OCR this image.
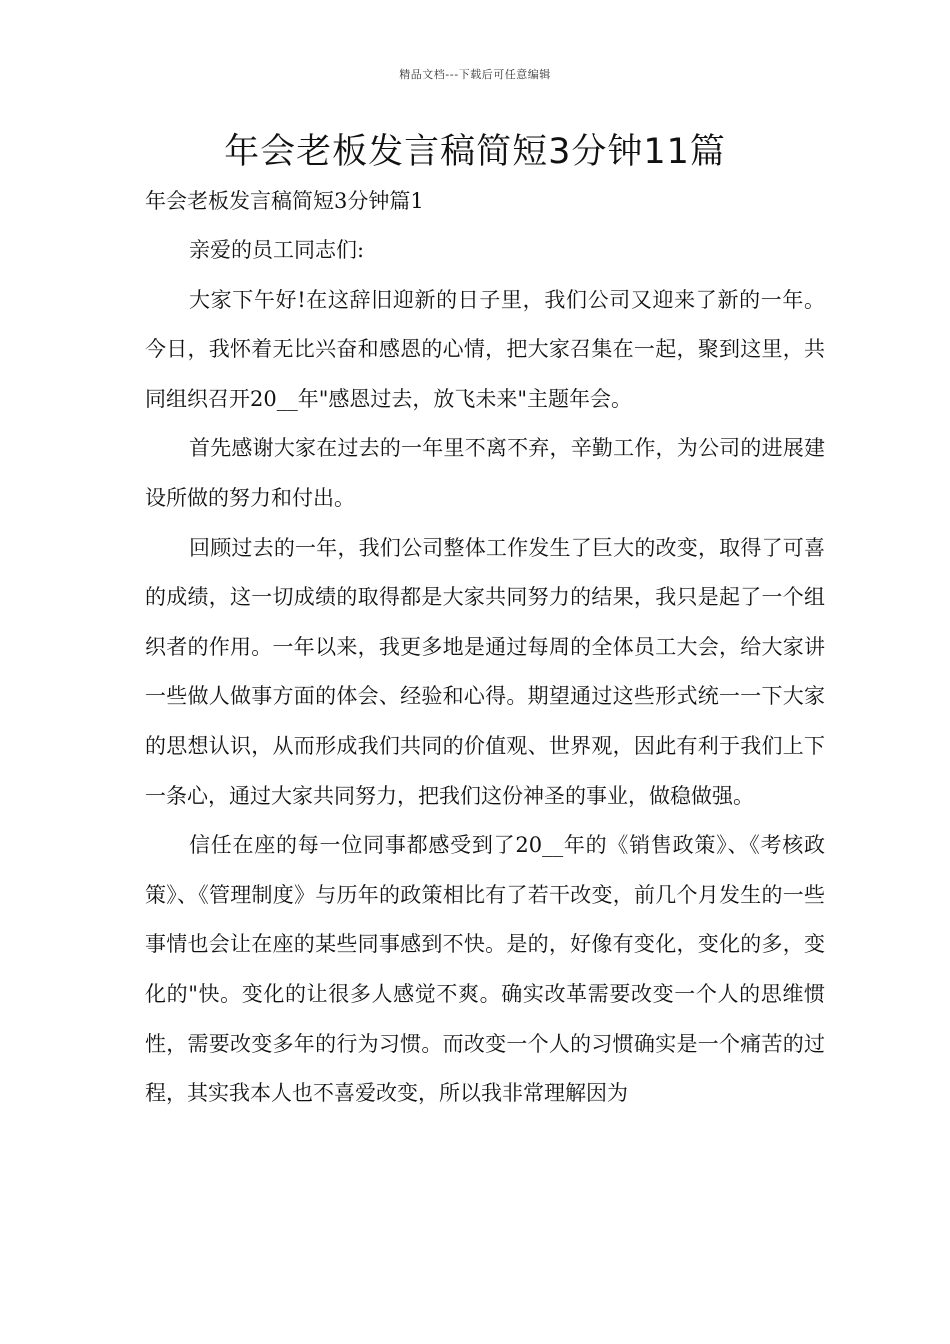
精品文档---下载后可任意编辑
年会老板发言稿简短3分钟11篇

年会老板发言稿简短3分钟篇1

亲爱的员工同志们:

大家下午好!在这辞旧迎新的日子里，我们公司又迎来了新的一年。今日，我怀着无比兴奋和感恩的心情，把大家召集在一起，聚到这里，共同组织召开20__年"感恩过去，放飞未来"主题年会。

首先感谢大家在过去的一年里不离不弃，辛勤工作，为公司的进展建设所做的努力和付出。

回顾过去的一年，我们公司整体工作发生了巨大的改变，取得了可喜的成绩，这一切成绩的取得都是大家共同努力的结果，我只是起了一个组织者的作用。一年以来，我更多地是通过每周的全体员工大会，给大家讲一些做人做事方面的体会、经验和心得。期望通过这些形式统一一下大家的思想认识，从而形成我们共同的价值观、世界观，因此有利于我们上下一条心，通过大家共同努力，把我们这份神圣的事业，做稳做强。

信任在座的每一位同事都感受到了20__年的《销售政策》、《考核政策》、《管理制度》与历年的政策相比有了若干改变，前几个月发生的一些事情也会让在座的某些同事感到不快。是的，好像有变化，变化的多，变化的"快。变化的让很多人感觉不爽。确实改革需要改变一个人的思维惯性，需要改变多年的行为习惯。而改变一个人的习惯确实是一个痛苦的过程，其实我本人也不喜爱改变，所以我非常理解因为
